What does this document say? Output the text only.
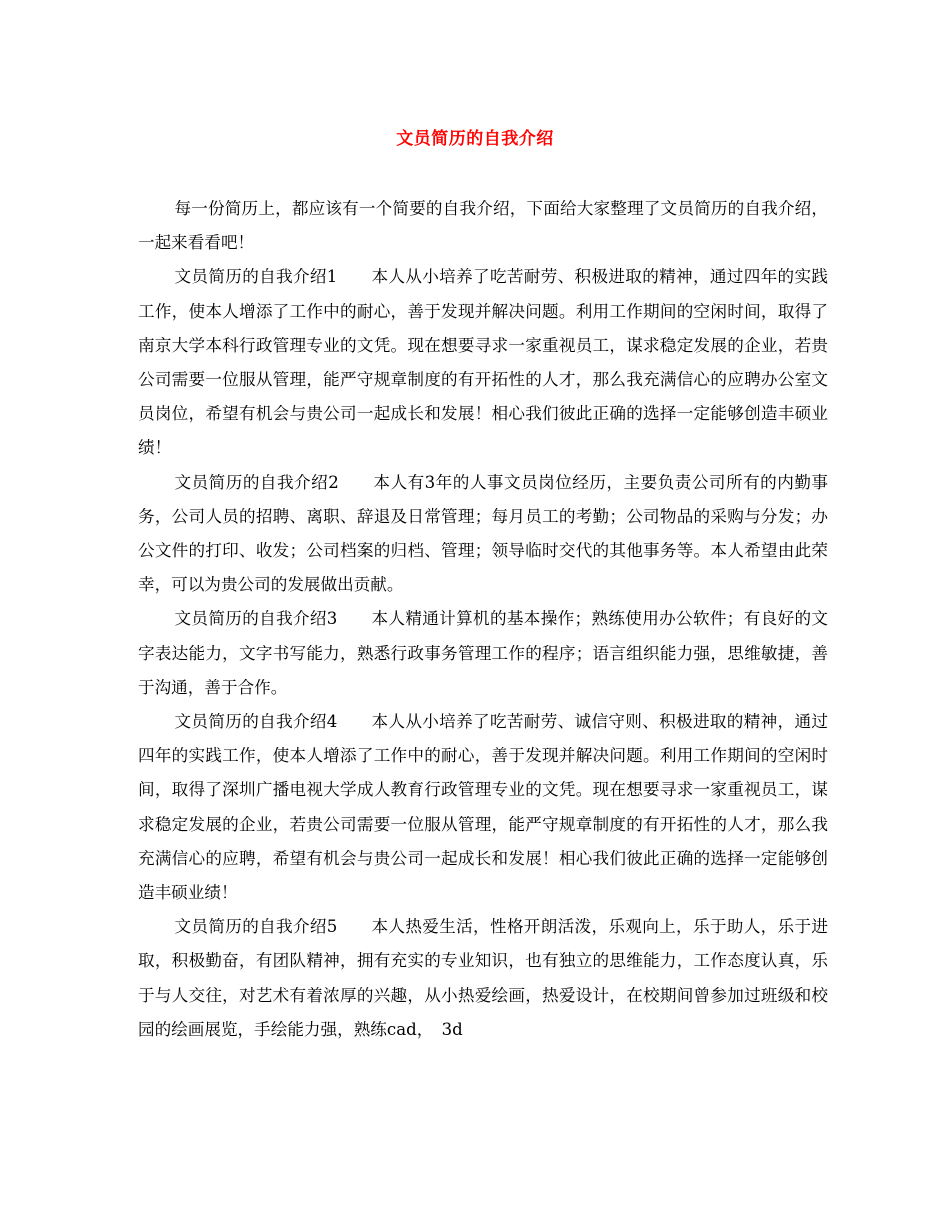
文员简历的自我介绍

每一份简历上，都应该有一个简要的自我介绍，下面给大家整理了文员简历的自我介绍，一起来看看吧！

文员简历的自我介绍1　　本人从小培养了吃苦耐劳、积极进取的精神，通过四年的实践工作，使本人增添了工作中的耐心，善于发现并解决问题。利用工作期间的空闲时间，取得了南京大学本科行政管理专业的文凭。现在想要寻求一家重视员工，谋求稳定发展的企业，若贵公司需要一位服从管理，能严守规章制度的有开拓性的人才，那么我充满信心的应聘办公室文员岗位，希望有机会与贵公司一起成长和发展！相心我们彼此正确的选择一定能够创造丰硕业绩！

文员简历的自我介绍2　　本人有3年的人事文员岗位经历，主要负责公司所有的内勤事务，公司人员的招聘、离职、辞退及日常管理；每月员工的考勤；公司物品的采购与分发；办公文件的打印、收发；公司档案的归档、管理；领导临时交代的其他事务等。本人希望由此荣幸，可以为贵公司的发展做出贡献。

文员简历的自我介绍3　　本人精通计算机的基本操作；熟练使用办公软件；有良好的文字表达能力，文字书写能力，熟悉行政事务管理工作的程序；语言组织能力强，思维敏捷，善于沟通，善于合作。

文员简历的自我介绍4　　本人从小培养了吃苦耐劳、诚信守则、积极进取的精神，通过四年的实践工作，使本人增添了工作中的耐心，善于发现并解决问题。利用工作期间的空闲时间，取得了深圳广播电视大学成人教育行政管理专业的文凭。现在想要寻求一家重视员工，谋求稳定发展的企业，若贵公司需要一位服从管理，能严守规章制度的有开拓性的人才，那么我充满信心的应聘，希望有机会与贵公司一起成长和发展！相心我们彼此正确的选择一定能够创造丰硕业绩！

文员简历的自我介绍5　　本人热爱生活，性格开朗活泼，乐观向上，乐于助人，乐于进取，积极勤奋，有团队精神，拥有充实的专业知识，也有独立的思维能力，工作态度认真，乐于与人交往，对艺术有着浓厚的兴趣，从小热爱绘画，热爱设计，在校期间曾参加过班级和校园的绘画展览，手绘能力强，熟练cad，　3d
